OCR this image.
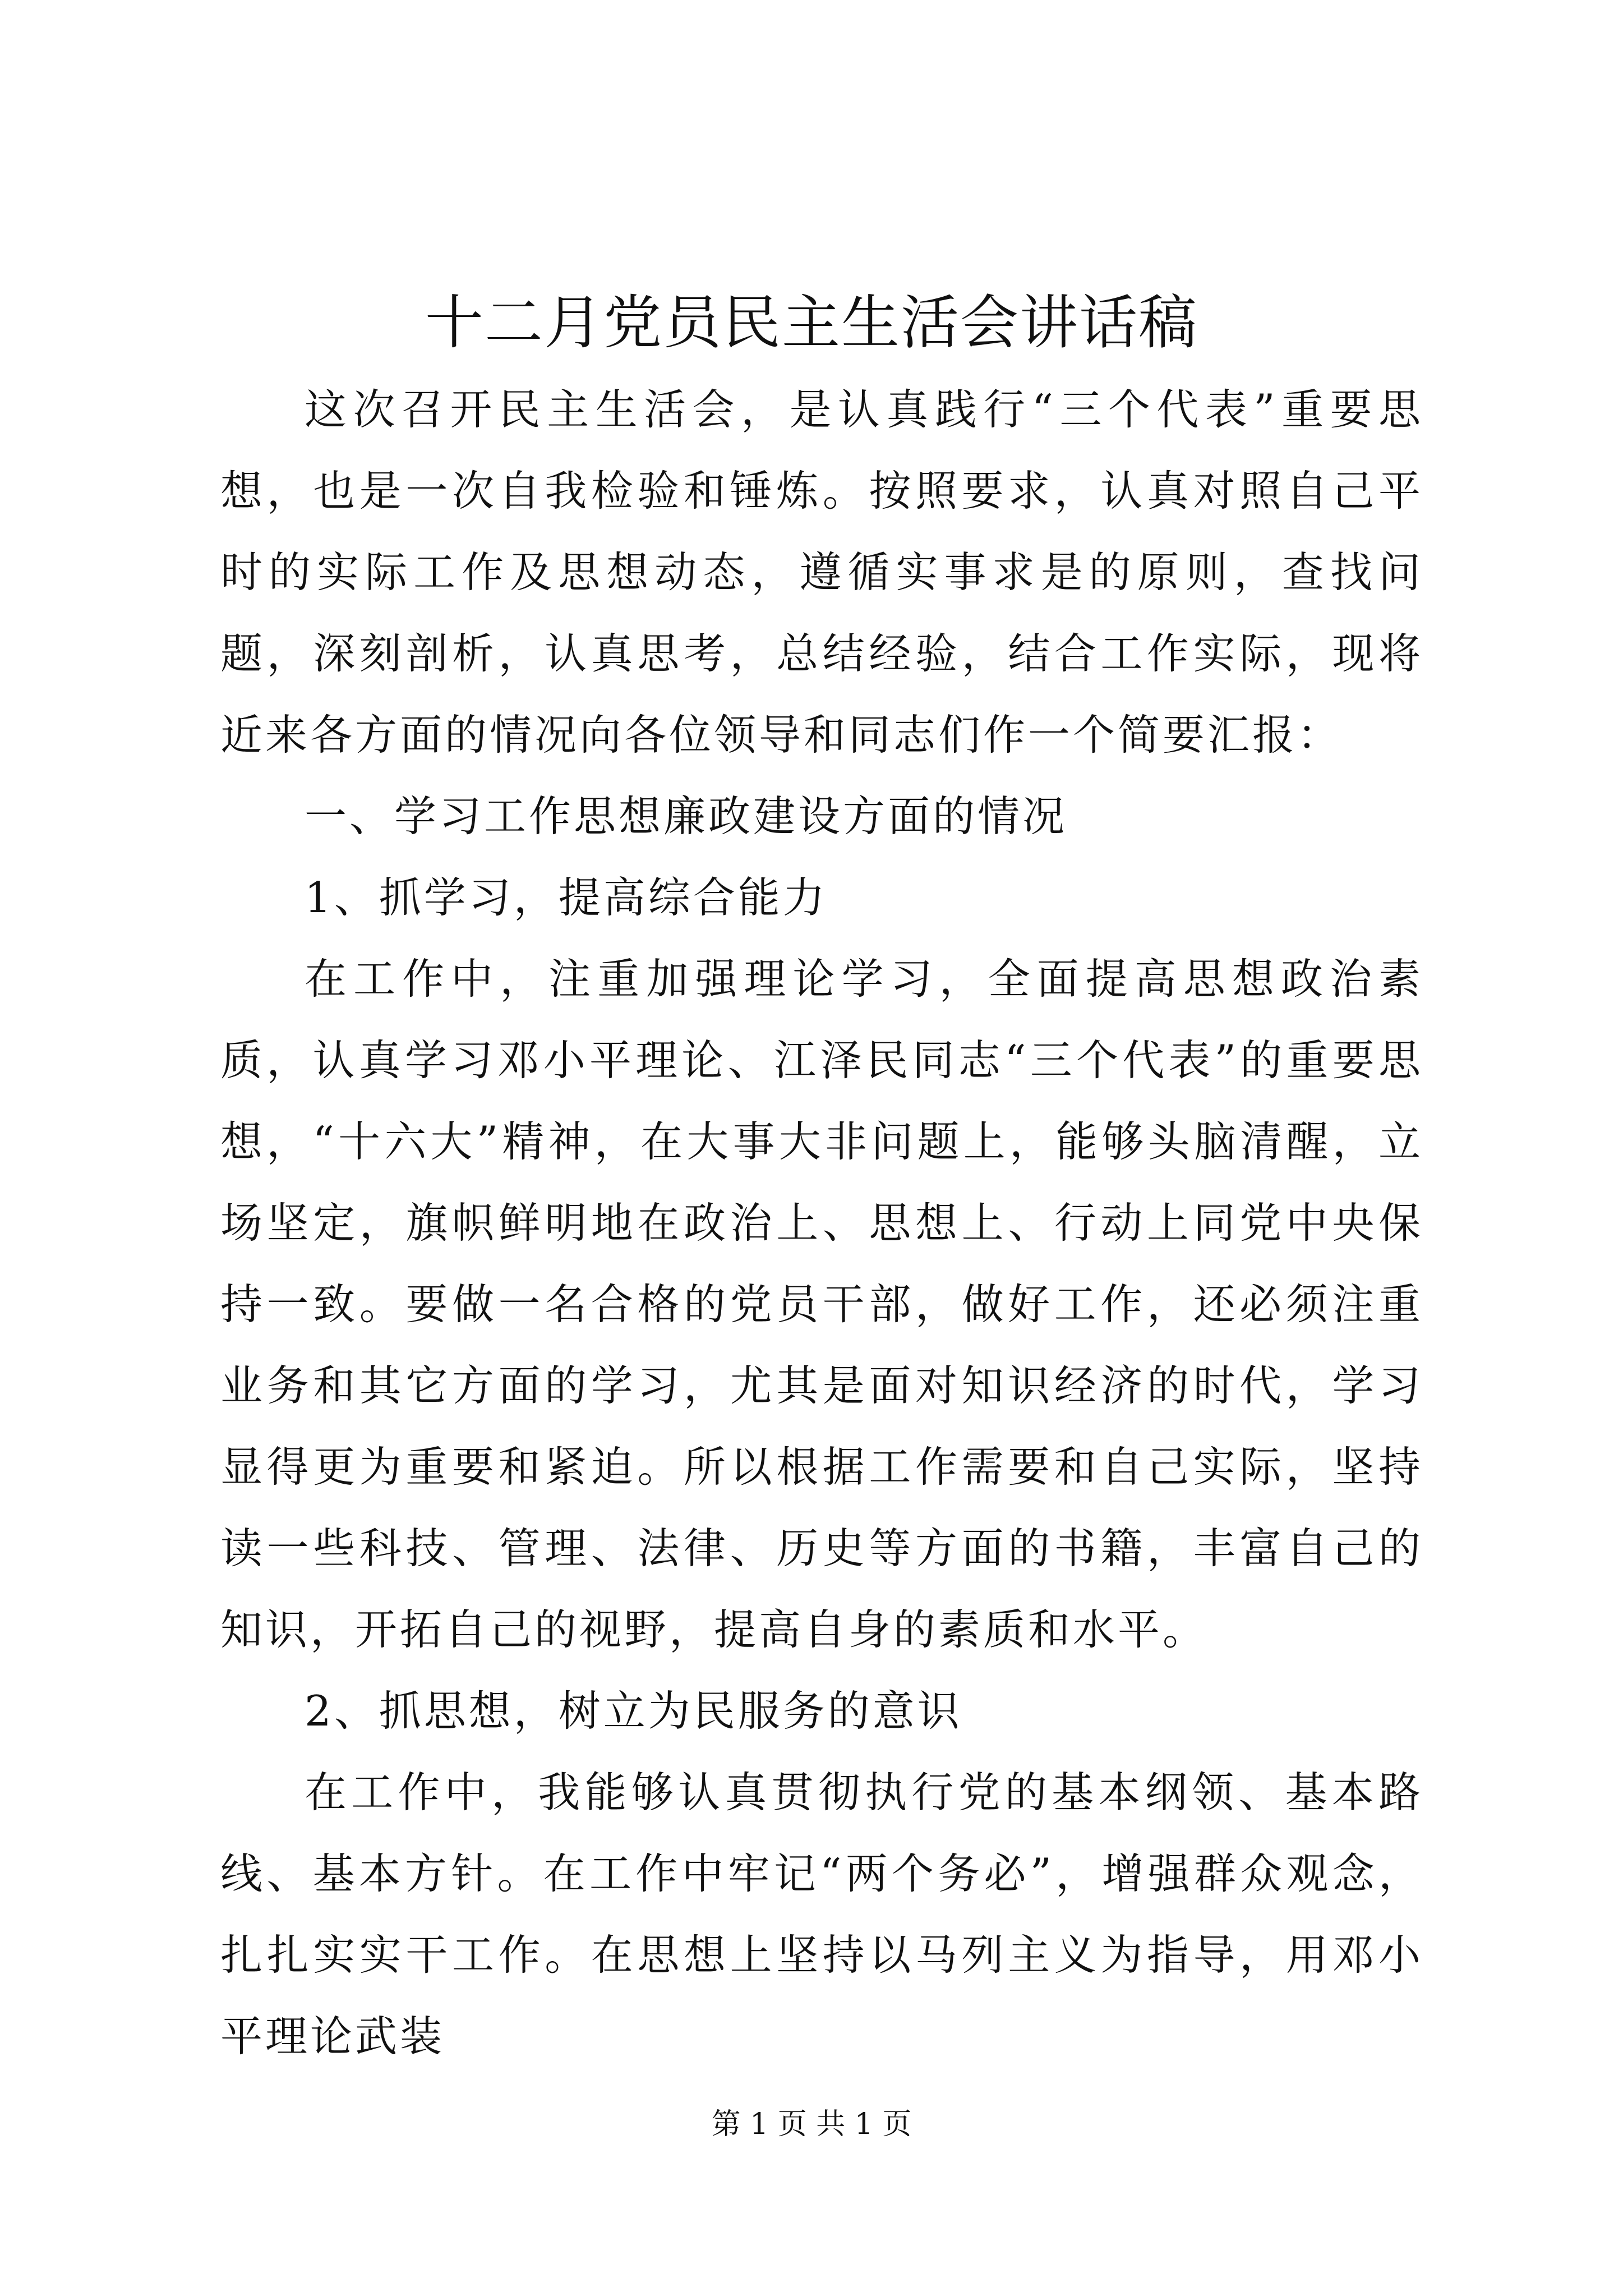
十二月党员民主生活会讲话稿

这次召开民主生活会，是认真践行“三个代表”重要思想，也是一次自我检验和锤炼。按照要求，认真对照自己平时的实际工作及思想动态，遵循实事求是的原则，查找问题，深刻剖析，认真思考，总结经验，结合工作实际，现将近来各方面的情况向各位领导和同志们作一个简要汇报：

一、学习工作思想廉政建设方面的情况

1、抓学习，提高综合能力

在工作中，注重加强理论学习，全面提高思想政治素质，认真学习邓小平理论、江泽民同志“三个代表”的重要思想，“十六大”精神，在大事大非问题上，能够头脑清醒，立场坚定，旗帜鲜明地在政治上、思想上、行动上同党中央保持一致。要做一名合格的党员干部，做好工作，还必须注重业务和其它方面的学习，尤其是面对知识经济的时代，学习显得更为重要和紧迫。所以根据工作需要和自己实际，坚持读一些科技、管理、法律、历史等方面的书籍，丰富自己的知识，开拓自己的视野，提高自身的素质和水平。

2、抓思想，树立为民服务的意识

在工作中，我能够认真贯彻执行党的基本纲领、基本路线、基本方针。在工作中牢记“两个务必”，增强群众观念，扎扎实实干工作。在思想上坚持以马列主义为指导，用邓小平理论武装

第 1 页 共 1 页
